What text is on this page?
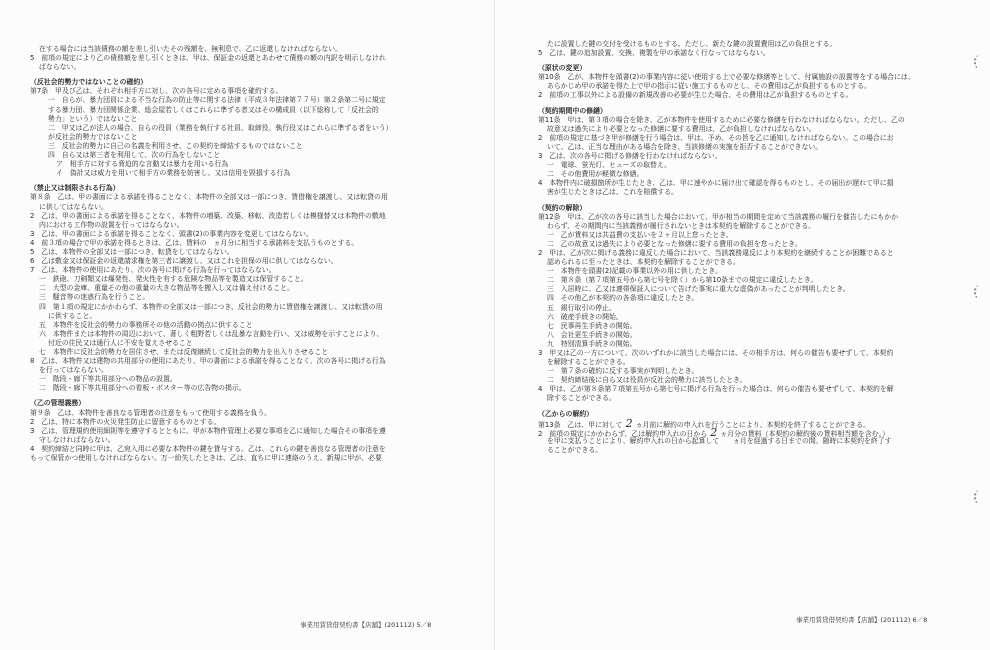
在する場合には当該債務の額を差し引いたその残額を、無利息で、乙に返還しなければならない。
5　前項の規定により乙の債務額を差し引くときは、甲は、保証金の返還とあわせて債務の額の内訳を明示しなけれ
ばならない。
（反社会的勢力ではないことの確約）
第7条　甲及び乙は、それぞれ相手方に対し、次の各号に定める事項を確約する。
一　自らが、暴力団員による不当な行為の防止等に関する法律（平成３年法律第７７号）第２条第二号に規定
する暴力団、暴力団関係企業、総会屋若しくはこれらに準ずる者又はその構成員（以下総称して「反社会的
勢力」という）ではないこと
二　甲又は乙が法人の場合、自らの役員（業務を執行する社員、取締役、執行役又はこれらに準ずる者をいう）
が反社会的勢力ではないこと
三　反社会的勢力に自己の名義を利用させ、この契約を締結するものではないこと
四　自ら又は第三者を利用して、次の行為をしないこと
ア　相手方に対する脅迫的な言動又は暴力を用いる行為
イ　偽計又は威力を用いて相手方の業務を妨害し、又は信用を毀損する行為
（禁止又は制限される行為）
第８条　乙は、甲の書面による承諾を得ることなく、本物件の全部又は一部につき、賃借権を譲渡し、又は転貸の用
に供してはならない。
2　乙は、甲の書面による承諾を得ることなく、本物件の増築、改築、移転、改造若しくは模様替又は本物件の敷地
内における工作物の設置を行ってはならない。
3　乙は、甲の書面による承諾を得ることなく、頭書(2)の事業内容を変更してはならない。
4　前３項の場合で甲の承諾を得るときは、乙は、賃料の　ヵ月分に相当する承諾料を支払うものとする。
5　乙は、本物件の全部又は一部につき、転貸をしてはならない。
6　乙は敷金又は保証金の返還請求権を第三者に譲渡し、又はこれを担保の用に供してはならない。
7　乙は、本物件の使用にあたり、次の各号に掲げる行為を行ってはならない。
一　鉄砲、刀剣類又は爆発性、発火性を有する危険な物品等を製造又は保管すること。
二　大型の金庫、重量その他の重量の大きな物品等を搬入し又は備え付けること。
三　騒音等の迷惑行為を行うこと。
四　第１項の規定にかかわらず、本物件の全部又は一部につき、反社会的勢力に賃借権を譲渡し、又は転貸の用
に供すること。
五　本物件を反社会的勢力の事務所その他の活動の拠点に供すること
六　本物件または本物件の周辺において、著しく粗野若しくは乱暴な言動を行い、又は威勢を示すことにより、
付近の住民又は通行人に不安を覚えさせること
七　本物件に反社会的勢力を居住させ、または反復継続して反社会的勢力を出入りさせること
8　乙は、本物件又は建物の共用部分の使用にあたり、甲の書面による承諾を得ることなく、次の各号に掲げる行為
を行ってはならない。
一　階段・廊下等共用部分への物品の設置。
二　階段・廊下等共用部分への看板・ポスター等の広告物の掲示。
（乙の管理義務）
第９条　乙は、本物件を善良なる管理者の注意をもって使用する義務を負う。
2　乙は、特に本物件の火災発生防止に留意するものとする。
3　乙は、管理規約使用細則等を遵守するとともに、甲が本物件管理上必要な事項を乙に通知した場合その事項を遵
守しなければならない。
4　契約締結と同時に甲は、乙宛入用に必要な本物件の鍵を貸与する。乙は、これらの鍵を善良なる管理者の注意を
もって保管かつ使用しなければならない。万一紛失したときは、乙は、直ちに甲に連絡のうえ、新規に甲が、必要
事業用賃貸借契約書【店舗】(201112) 5／8
たに設置した鍵の交付を受けるものとする。ただし、新たな鍵の設置費用は乙の負担とする。
5　乙は、鍵の追加設置、交換、複製を甲の承諾なく行なってはならない。
（原状の変更）
第10条　乙が、本物件を頭書(2)の事業内容に従い使用する上で必要な修繕等として、付属施設の設置等をする場合には、
あらかじめ甲の承諾を得た上で甲の指示に従い施工するものとし、その費用は乙が負担するものとする。
2　前項の工事以外による設備の新規改善の必要が生じた場合、その費用は乙が負担するものとする。
（契約期間中の修繕）
第11条　甲は、第３項の場合を除き、乙が本物件を使用するために必要な修繕を行わなければならない。ただし、乙の
故意又は過失により必要となった修繕に要する費用は、乙が負担しなければならない。
2　前項の規定に基づき甲が修繕を行う場合は、甲は、予め、その旨を乙に通知しなければならない。この場合にお
いて、乙は、正当な理由がある場合を除き、当該修繕の実施を拒否することができない。
3　乙は、次の各号に掲げる修繕を行わなければならない。
一　電球、蛍光灯、ヒューズの取替え。
二　その他費用が軽微な修繕。
4　本物件内に破損箇所が生じたとき、乙は、甲に速やかに届け出て確認を得るものとし、その届出が遅れて甲に損
害が生じたときは乙は、これを賠償する。
（契約の解除）
第12条　甲は、乙が次の各号に該当した場合において、甲が相当の期間を定めて当該義務の履行を催告したにもかか
わらず、その期間内に当該義務が履行されないときは本契約を解除することができる。
一　乙が賃料又は共益費の支払いを２ヶ月以上怠ったとき。
二　乙の故意又は過失により必要となった修繕に要する費用の負担を怠ったとき。
2　甲は、乙が次に掲げる義務に違反した場合において、当該義務違反により本契約を継続することが困難であると
認められるに至ったときは、本契約を解除することができる。
一　本物件を頭書(2)記載の事業以外の用に供したとき。
二　第８条（第７項第五号から第七号を除く）から第10条までの規定に違反したとき。
三　入居時に、乙又は連帯保証人について告げた事実に重大な虚偽があったことが判明したとき。
四　その他乙が本契約の各条項に違反したとき。
五　銀行取引の停止。
六　破産手続きの開始。
七　民事再生手続きの開始。
八　会社更生手続きの開始。
九　特別清算手続きの開始。
3　甲又は乙の一方について、次のいずれかに該当した場合には、その相手方は、何らの催告も要せずして、本契約
を解除することができる。
一　第７条の確約に反する事実が判明したとき。
二　契約締結後に自ら又は役員が反社会的勢力に該当したとき。
4　甲は、乙が第８条第７項第五号から第七号に掲げる行為を行った場合は、何らの催告も要せずして、本契約を解
除することができる。
（乙からの解約）
第13条　乙は、甲に対して 2 ヵ月前に解約の申入れを行うことにより、本契約を終了することができる。
2　前項の規定にかかわらず、乙は解約申入れの日から 2 ヵ月分の賃料（本契約の解約後の賃料相当額を含む。）
を甲に支払うことにより、解約申入れの日から起算して　　ヵ月を経過する日までの間、随時に本契約を終了す
ることができる。
事業用賃貸借契約書【店舗】(201112) 6／8
